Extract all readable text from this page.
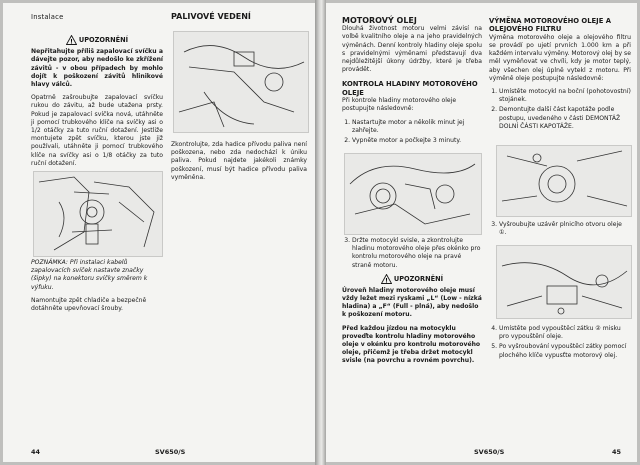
Instalace
! UPOZORNĚNÍ

Nepřitahujte příliš zapalovací svíčku a dávejte pozor, aby nedošlo ke zkřížení závitů - v obou případech by mohlo dojít k poškození závitů hlinikové hlavy válců.

Opatrně zašroubujte zapalovací svíčku rukou do závitu, až bude utažena prsty. Pokud je zapalovací svíčka nová, utáhněte ji pomocí trubkového klíče na svíčky asi o 1/2 otáčky za tuto ruční dotažení. Jestliže montujete zpět svíčku, kterou jste již používali, utáhněte ji pomocí trubkového klíče na svíčky asi o 1/8 otáčky za tuto ruční dotažení.

POZNÁMKA: Při instalaci kabelů zapalovacích svíček nastavte značky (šipky) na konektoru svíčky směrem k výfuku.

Namontujte zpět chladiče a bezpečně dotáhněte upevňovací šrouby.

PALIVOVÉ VEDENÍ

Zkontrolujte, zda hadice přívodu paliva není poškozena, nebo zda nedochází k úniku paliva. Pokud najdete jakékoli známky poškození, musí být hadice přívodu paliva vyměněna.

44	SV650/S
MOTOROVÝ OLEJ

Dlouhá životnost motoru velmi závisí na volbě kvalitního oleje a na jeho pravidelných výměnách. Denní kontroly hladiny oleje spolu s pravidelnými výměnami představují dva nejdůležitější úkony údržby, které je třeba provádět.

KONTROLA HLADINY MOTOROVÉHO OLEJE

Při kontrole hladiny motorového oleje postupujte následovně:

1. Nastartujte motor a několik minut jej zahřejte.
2. Vypněte motor a počkejte 3 minuty.
3. Držte motocykl svisle, a zkontrolujte hladinu motorového oleje přes okénko pro kontrolu motorového oleje na pravé straně motoru.
! UPOZORNĚNÍ

Úroveň hladiny motorového oleje musí vždy ležet mezi ryskami „L“ (Low - nízká hladina) a „F“ (Full - plná), aby nedošlo k poškození motoru.

Před každou jízdou na motocyklu proveďte kontrolu hladiny motorového oleje v okénku pro kontrolu motorového oleje, přičemž je třeba držet motocykl svisle (na povrchu a rovném povrchu).

VÝMĚNA MOTOROVÉHO OLEJE A OLEJOVÉHO FILTRU

Výměna motorového oleje a olejového filtru se provádí po ujetí prvních 1.000 km a při každém intervalu výměny. Motorový olej by se měl vyměňovat ve chvíli, kdy je motor teplý, aby všechen olej úplně vytekl z motoru. Při výměně oleje postupujte následovně:

1. Umístěte motocykl na boční (pohotovostní) stojánek.
2. Demontujte další část kapotáže podle postupu, uvedeného v části DEMONTÁŽ DOLNÍ ČÁSTI KAPOTÁŽE.
3. Vyšroubujte uzávěr plnicího otvoru oleje ①.
4. Umístěte pod vypouštěcí zátku ② misku pro vypouštění oleje.
5. Po vyšroubování vypouštěcí zátky pomocí plochého klíče vypusťte motorový olej.
SV650/S	45
